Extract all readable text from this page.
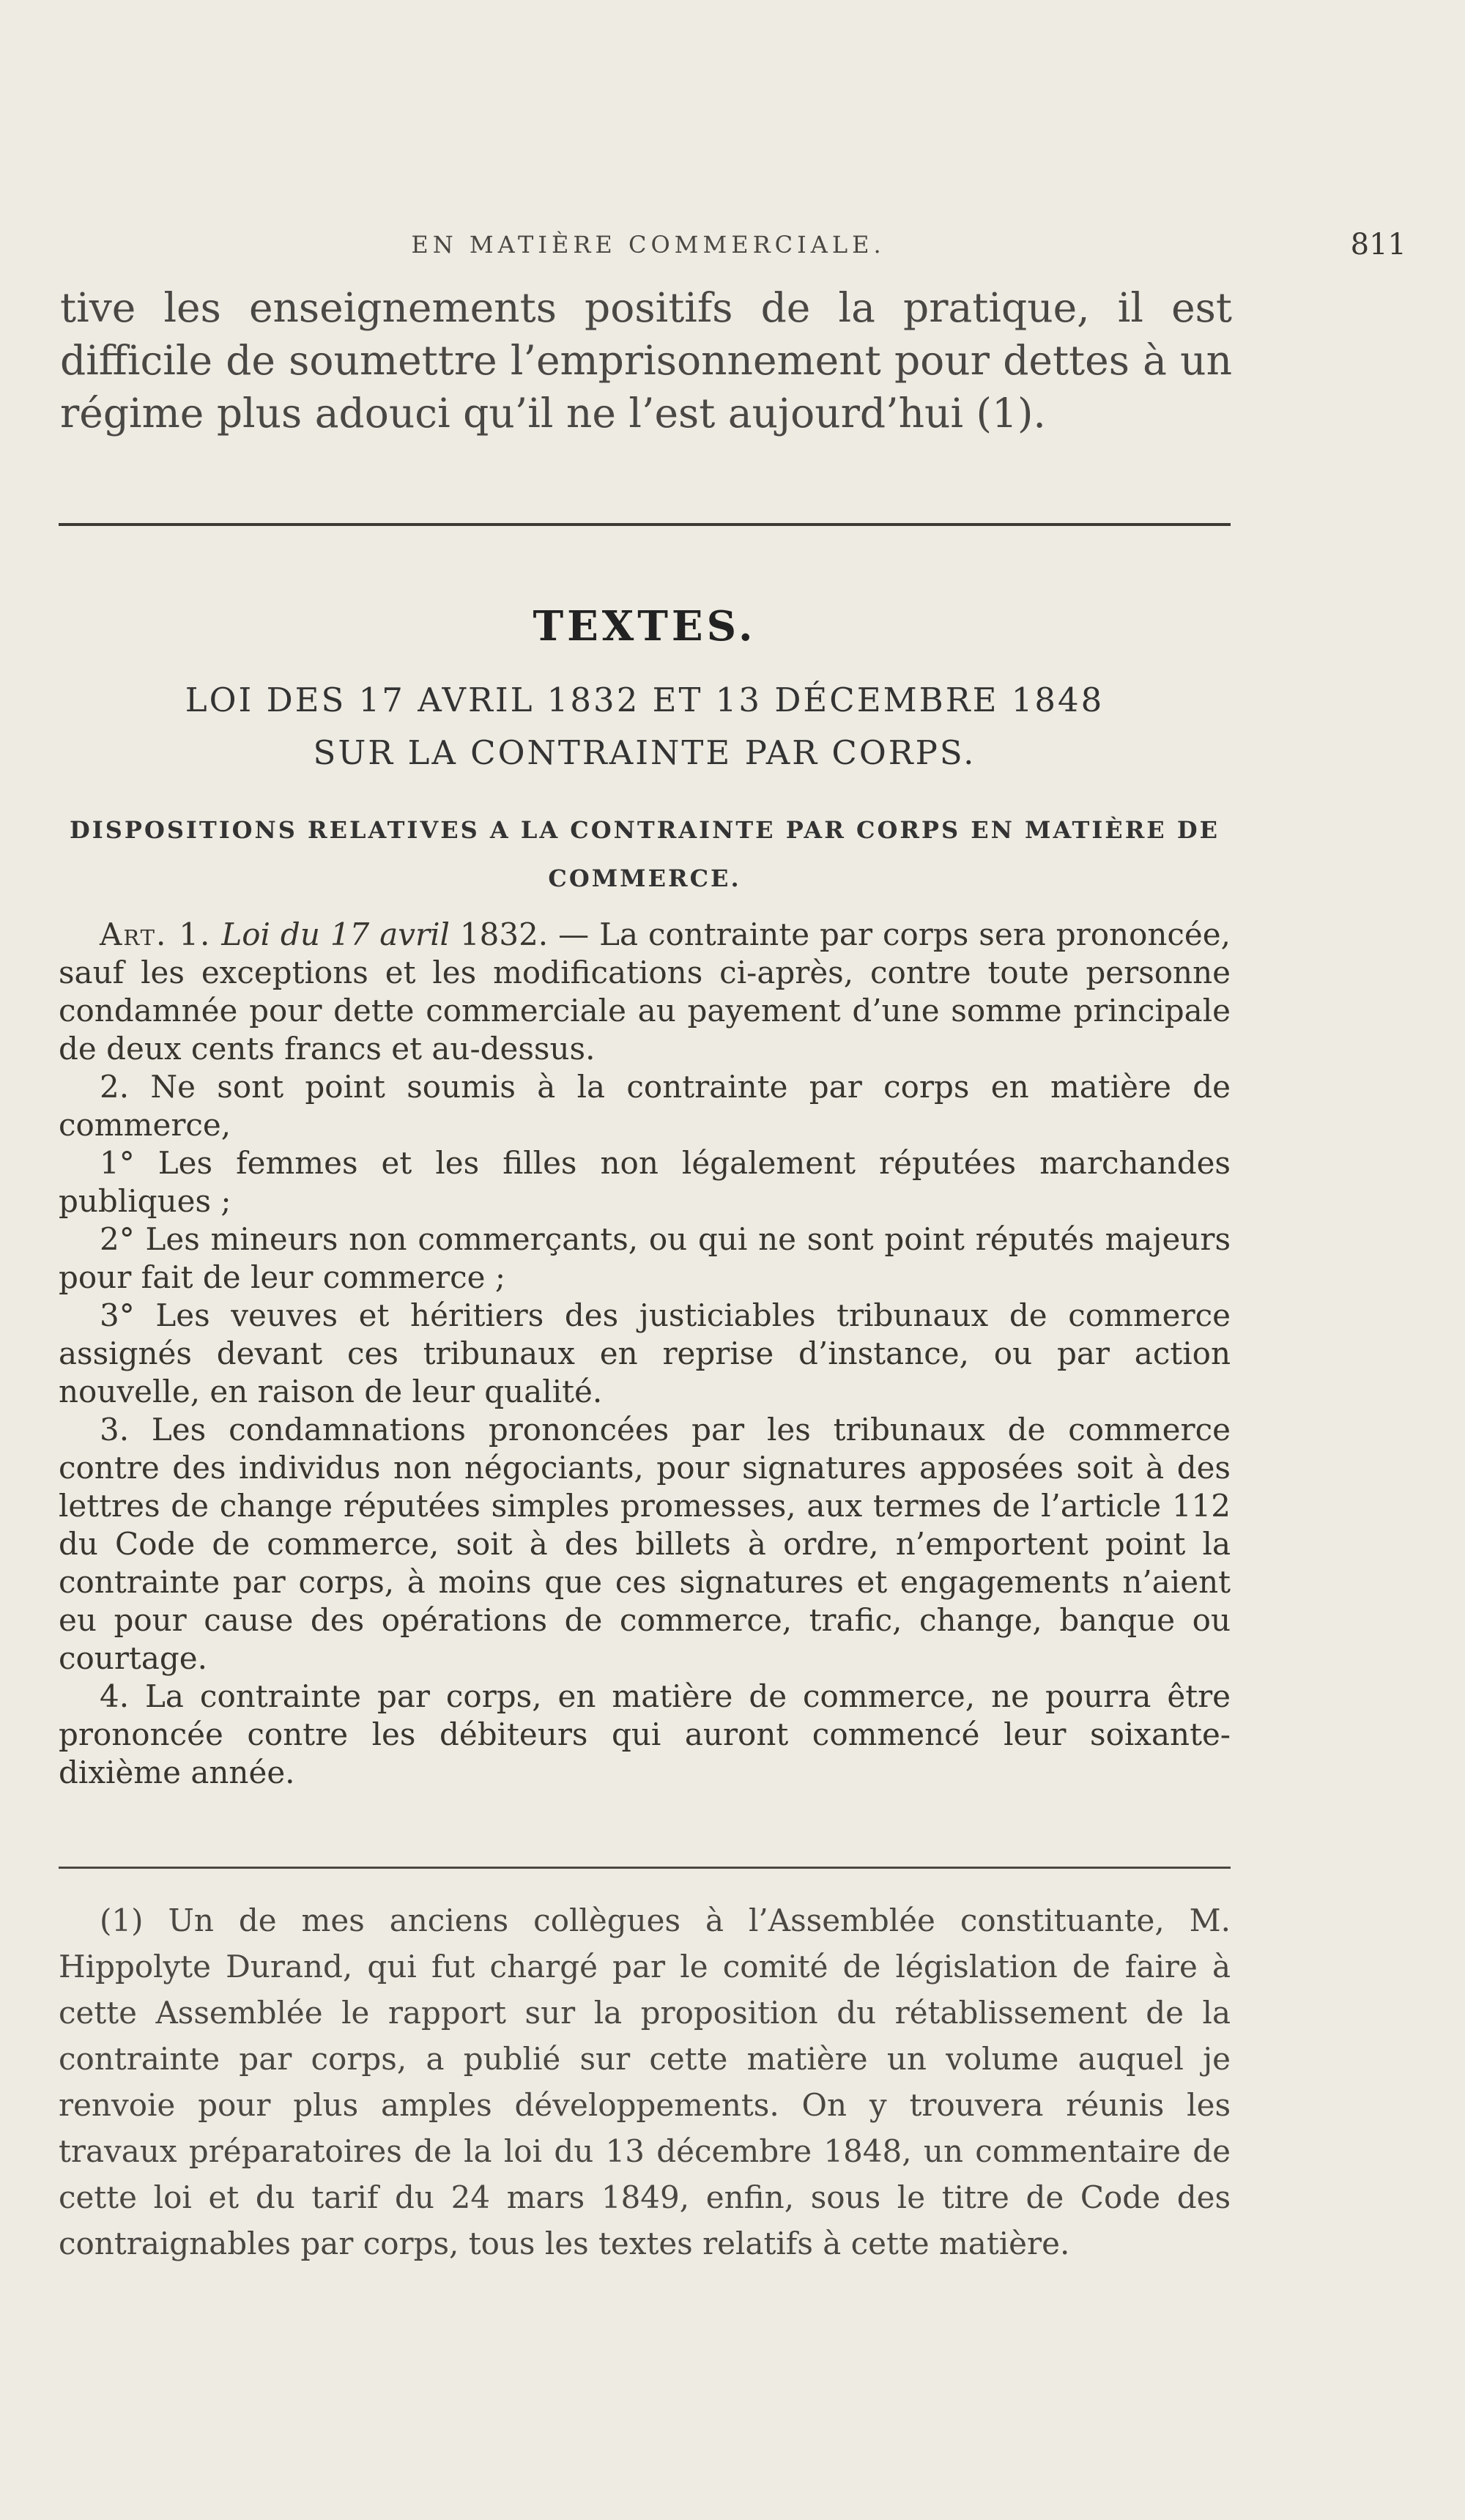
EN MATIÈRE COMMERCIALE.	811
tive les enseignements positifs de la pratique, il est difficile de soumettre l’emprisonnement pour dettes à un régime plus adouci qu’il ne l’est aujourd’hui (1).
TEXTES.
LOI DES 17 AVRIL 1832 ET 13 DÉCEMBRE 1848
SUR LA CONTRAINTE PAR CORPS.
DISPOSITIONS RELATIVES A LA CONTRAINTE PAR CORPS EN MATIÈRE DE COMMERCE.

Art. 1. Loi du 17 avril 1832. — La contrainte par corps sera prononcée, sauf les exceptions et les modifications ci-après, contre toute personne condamnée pour dette commerciale au payement d’une somme principale de deux cents francs et au-dessus.

2. Ne sont point soumis à la contrainte par corps en matière de commerce,

1° Les femmes et les filles non légalement réputées marchandes publiques ;

2° Les mineurs non commerçants, ou qui ne sont point réputés majeurs pour fait de leur commerce ;

3° Les veuves et héritiers des justiciables tribunaux de commerce assignés devant ces tribunaux en reprise d’instance, ou par action nouvelle, en raison de leur qualité.

3. Les condamnations prononcées par les tribunaux de commerce contre des individus non négociants, pour signatures apposées soit à des lettres de change réputées simples promesses, aux termes de l’article 112 du Code de commerce, soit à des billets à ordre, n’emportent point la contrainte par corps, à moins que ces signatures et engagements n’aient eu pour cause des opérations de commerce, trafic, change, banque ou courtage.

4. La contrainte par corps, en matière de commerce, ne pourra être prononcée contre les débiteurs qui auront commencé leur soixante-dixième année.

(1) Un de mes anciens collègues à l’Assemblée constituante, M. Hippolyte Durand, qui fut chargé par le comité de législation de faire à cette Assemblée le rapport sur la proposition du rétablissement de la contrainte par corps, a publié sur cette matière un volume auquel je renvoie pour plus amples développements. On y trouvera réunis les travaux préparatoires de la loi du 13 décembre 1848, un commentaire de cette loi et du tarif du 24 mars 1849, enfin, sous le titre de Code des contraignables par corps, tous les textes relatifs à cette matière.
